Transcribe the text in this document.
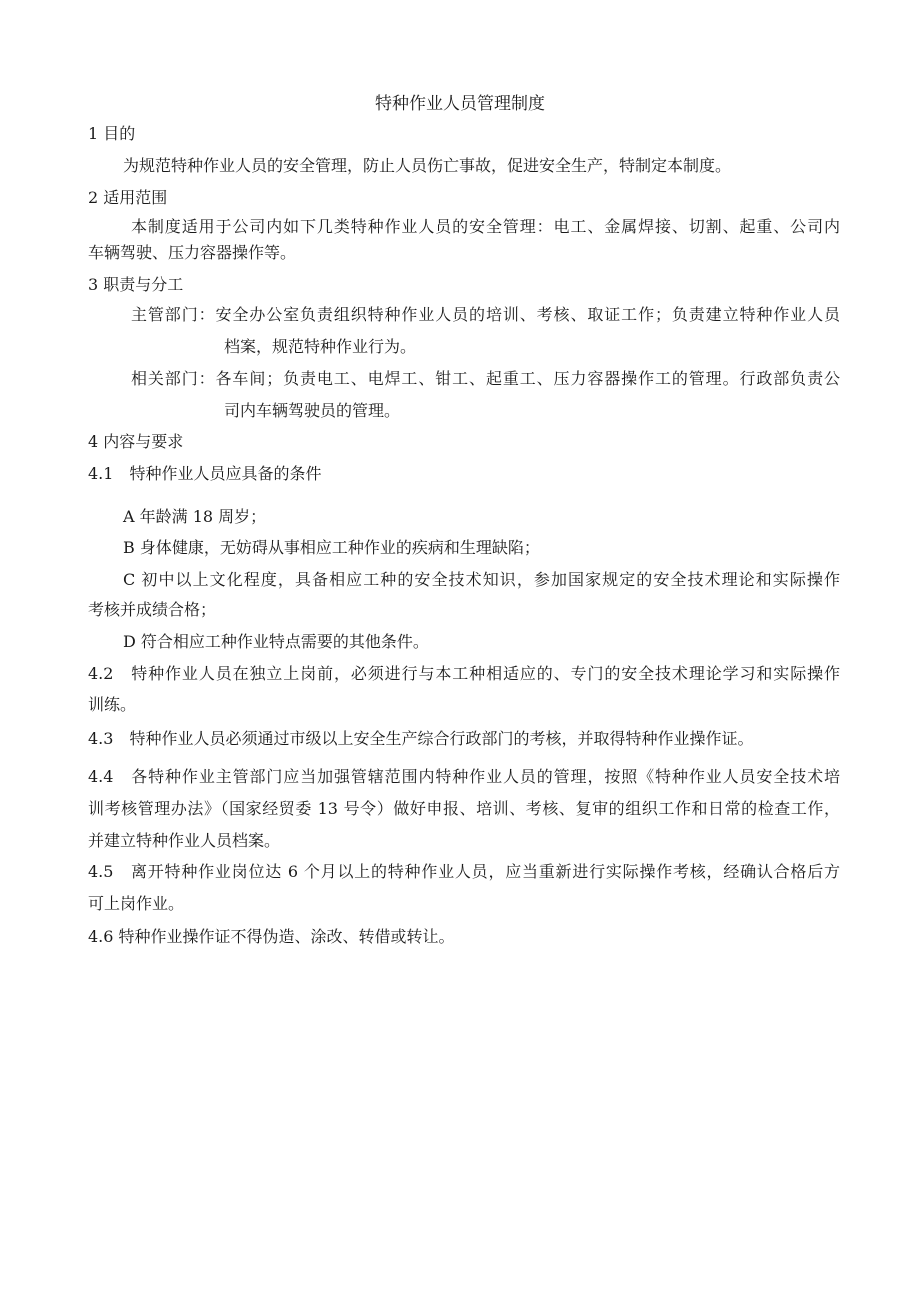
特种作业人员管理制度
1 目的
为规范特种作业人员的安全管理，防止人员伤亡事故，促进安全生产，特制定本制度。
2 适用范围
本制度适用于公司内如下几类特种作业人员的安全管理：电工、金属焊接、切割、起重、公司内
车辆驾驶、压力容器操作等。
3 职责与分工
主管部门：安全办公室负责组织特种作业人员的培训、考核、取证工作；负责建立特种作业人员
档案，规范特种作业行为。
相关部门：各车间；负责电工、电焊工、钳工、起重工、压力容器操作工的管理。行政部负责公
司内车辆驾驶员的管理。
4 内容与要求
4.1　特种作业人员应具备的条件
A 年龄满 18 周岁；
B 身体健康，无妨碍从事相应工种作业的疾病和生理缺陷；
C 初中以上文化程度，具备相应工种的安全技术知识，参加国家规定的安全技术理论和实际操作
考核并成绩合格；
D 符合相应工种作业特点需要的其他条件。
4.2　特种作业人员在独立上岗前，必须进行与本工种相适应的、专门的安全技术理论学习和实际操作
训练。
4.3　特种作业人员必须通过市级以上安全生产综合行政部门的考核，并取得特种作业操作证。
4.4　各特种作业主管部门应当加强管辖范围内特种作业人员的管理，按照《特种作业人员安全技术培
训考核管理办法》（国家经贸委 13 号令）做好申报、培训、考核、复审的组织工作和日常的检查工作，
并建立特种作业人员档案。
4.5　离开特种作业岗位达 6 个月以上的特种作业人员，应当重新进行实际操作考核，经确认合格后方
可上岗作业。
4.6 特种作业操作证不得伪造、涂改、转借或转让。
